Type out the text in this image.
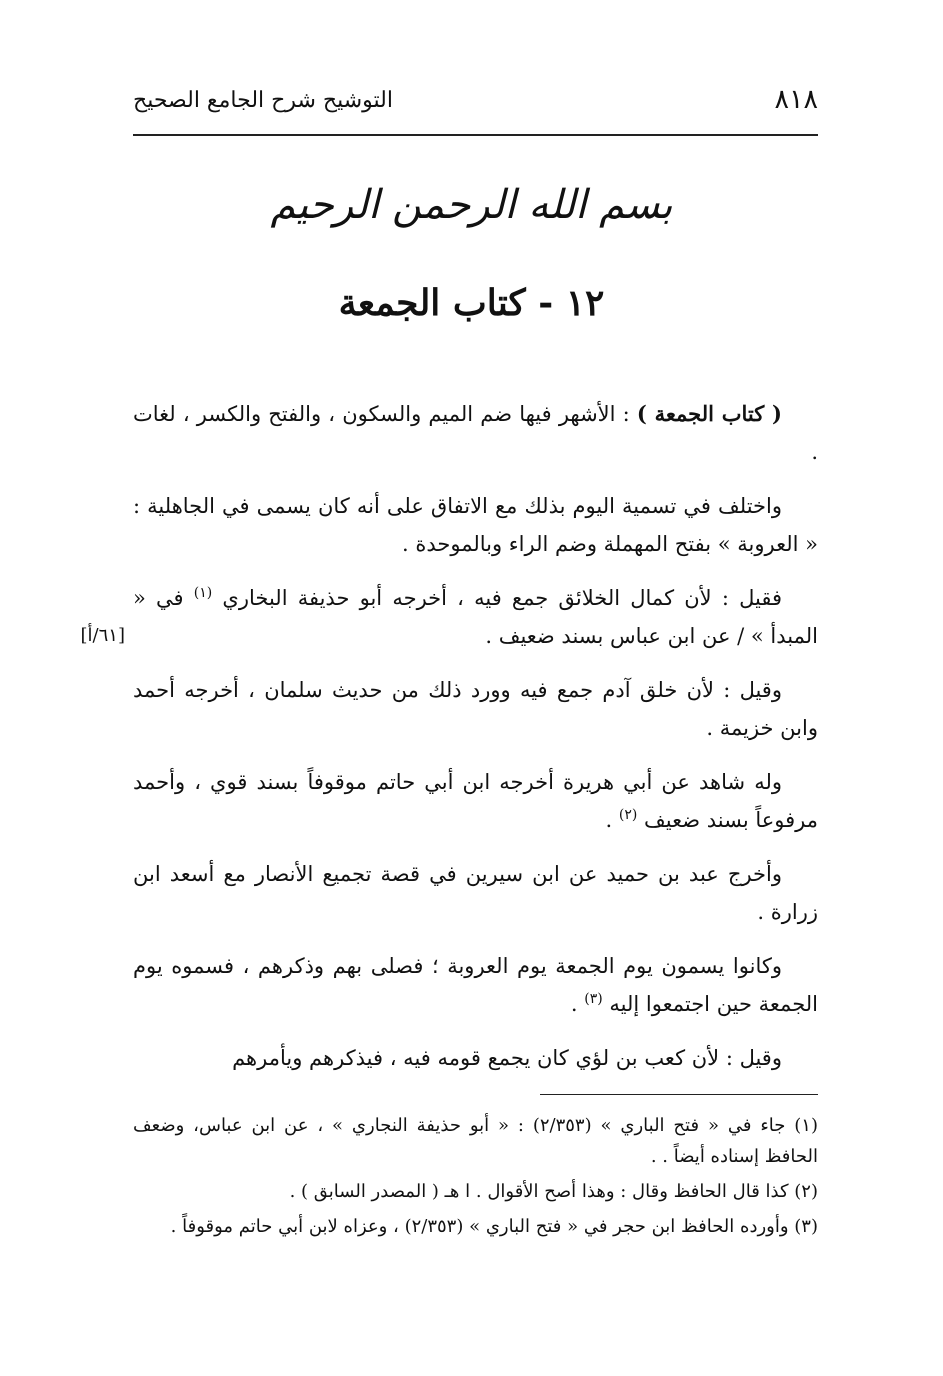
٨١٨
التوشيح شرح الجامع الصحيح
بسم الله الرحمن الرحيم
١٢ - كتاب الجمعة

( كتاب الجمعة ) : الأشهر فيها ضم الميم والسكون ، والفتح والكسر ، لغات .

واختلف في تسمية اليوم بذلك مع الاتفاق على أنه كان يسمى في الجاهلية : « العروبة » بفتح المهملة وضم الراء وبالموحدة .

فقيل : لأن كمال الخلائق جمع فيه ، أخرجه أبو حذيفة البخاري $^{(١)}$ في « المبدأ » / عن ابن عباس بسند ضعيف .
[٦١/أ]

وقيل : لأن خلق آدم جمع فيه وورد ذلك من حديث سلمان ، أخرجه أحمد وابن خزيمة .

وله شاهد عن أبي هريرة أخرجه ابن أبي حاتم موقوفاً بسند قوي ، وأحمد مرفوعاً بسند ضعيف $^{(٢)}$ .

وأخرج عبد بن حميد عن ابن سيرين في قصة تجميع الأنصار مع أسعد ابن زرارة .

وكانوا يسمون يوم الجمعة يوم العروبة ؛ فصلى بهم وذكرهم ، فسموه يوم الجمعة حين اجتمعوا إليه $^{(٣)}$ .

وقيل : لأن كعب بن لؤي كان يجمع قومه فيه ، فيذكرهم ويأمرهم

(١) جاء في « فتح الباري » (٢/٣٥٣) : « أبو حذيفة النجاري » ، عن ابن عباس، وضعف الحافظ إسناده أيضاً . .

(٢) كذا قال الحافظ وقال : وهذا أصح الأقوال . ا هـ ( المصدر السابق ) .

(٣) وأورده الحافظ ابن حجر في « فتح الباري » (٢/٣٥٣) ، وعزاه لابن أبي حاتم موقوفاً .
